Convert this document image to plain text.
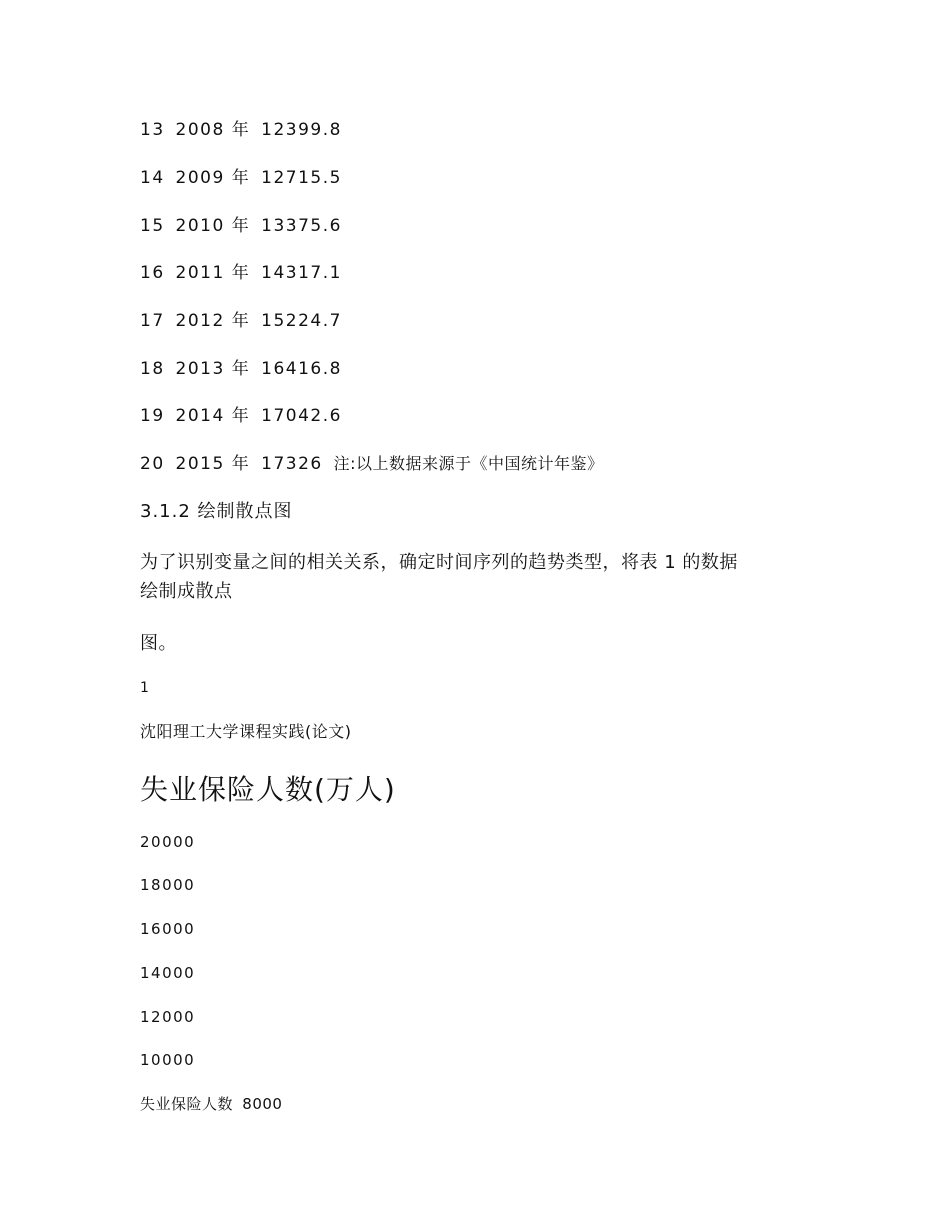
13 2008 年 12399.8
14 2009 年 12715.5
15 2010 年 13375.6
16 2011 年 14317.1
17 2012 年 15224.7
18 2013 年 16416.8
19 2014 年 17042.6
20 2015 年 17326 注:以上数据来源于《中国统计年鉴》
3.1.2 绘制散点图
为了识别变量之间的相关关系，确定时间序列的趋势类型，将表 1 的数据
绘制成散点
图。
1
沈阳理工大学课程实践(论文)
失业保险人数(万人)
20000
18000
16000
14000
12000
10000
失业保险人数 8000
